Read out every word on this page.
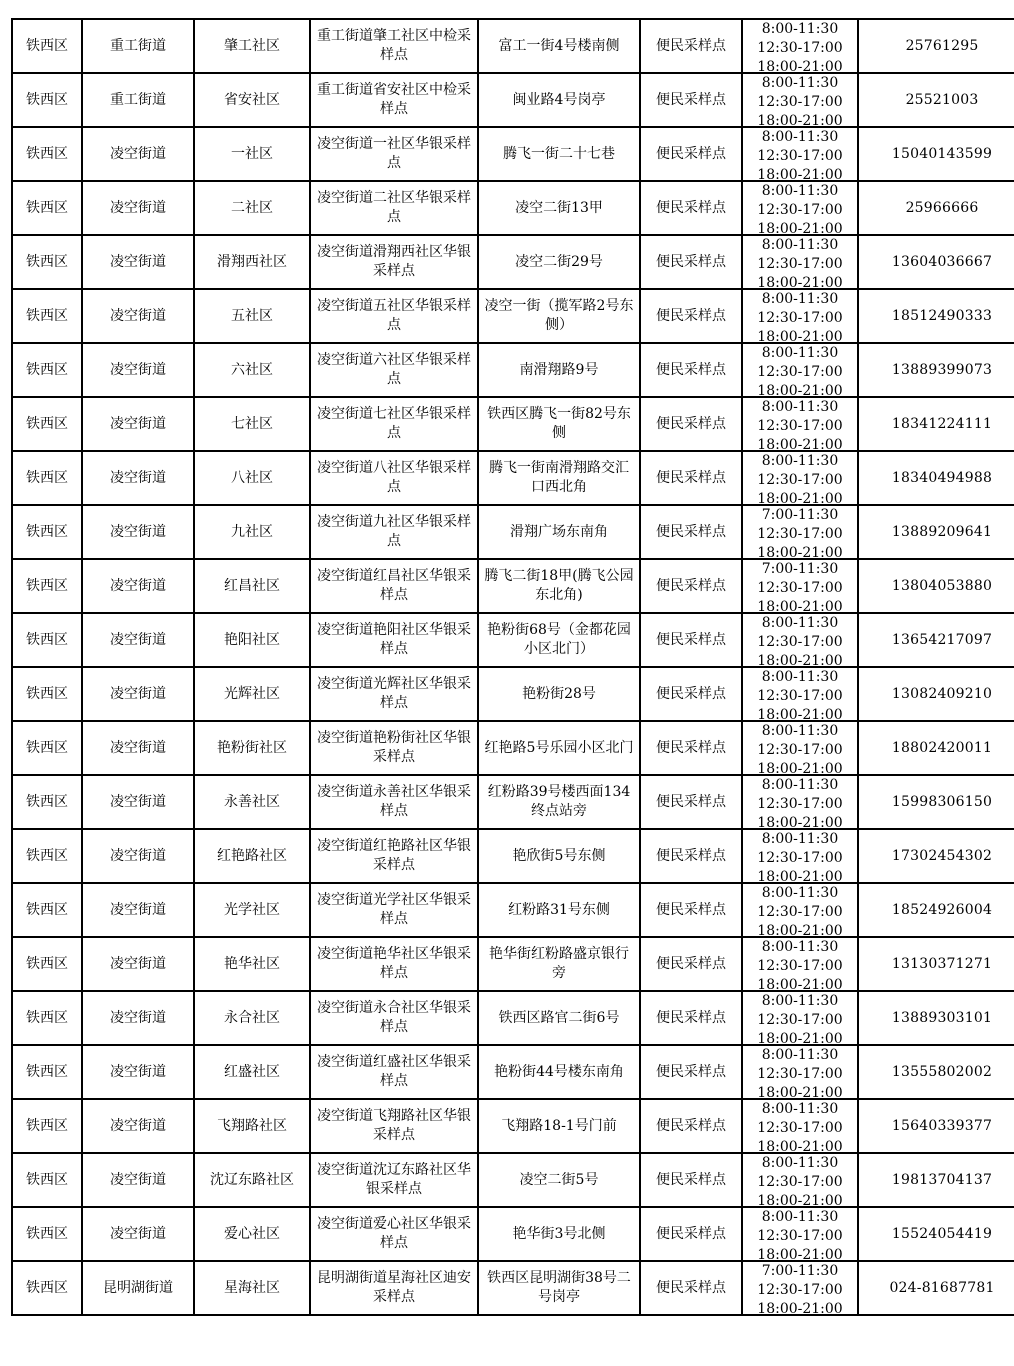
铁西区	重工街道	肇工社区	重工街道肇工社区中检采样点	富工一街4号楼南侧	便民采样点	8:00-11:30
12:30-17:00
18:00-21:00	25761295
铁西区	重工街道	省安社区	重工街道省安社区中检采样点	闽业路4号岗亭	便民采样点	8:00-11:30
12:30-17:00
18:00-21:00	25521003
铁西区	凌空街道	一社区	凌空街道一社区华银采样点	腾飞一街二十七巷	便民采样点	8:00-11:30
12:30-17:00
18:00-21:00	15040143599
铁西区	凌空街道	二社区	凌空街道二社区华银采样点	凌空二街13甲	便民采样点	8:00-11:30
12:30-17:00
18:00-21:00	25966666
铁西区	凌空街道	滑翔西社区	凌空街道滑翔西社区华银采样点	凌空二街29号	便民采样点	8:00-11:30
12:30-17:00
18:00-21:00	13604036667
铁西区	凌空街道	五社区	凌空街道五社区华银采样点	凌空一街（揽军路2号东侧）	便民采样点	8:00-11:30
12:30-17:00
18:00-21:00	18512490333
铁西区	凌空街道	六社区	凌空街道六社区华银采样点	南滑翔路9号	便民采样点	8:00-11:30
12:30-17:00
18:00-21:00	13889399073
铁西区	凌空街道	七社区	凌空街道七社区华银采样点	铁西区腾飞一街82号东侧	便民采样点	8:00-11:30
12:30-17:00
18:00-21:00	18341224111
铁西区	凌空街道	八社区	凌空街道八社区华银采样点	腾飞一街南滑翔路交汇口西北角	便民采样点	8:00-11:30
12:30-17:00
18:00-21:00	18340494988
铁西区	凌空街道	九社区	凌空街道九社区华银采样点	滑翔广场东南角	便民采样点	7:00-11:30
12:30-17:00
18:00-21:00	13889209641
铁西区	凌空街道	红昌社区	凌空街道红昌社区华银采样点	腾飞二街18甲(腾飞公园东北角)	便民采样点	7:00-11:30
12:30-17:00
18:00-21:00	13804053880
铁西区	凌空街道	艳阳社区	凌空街道艳阳社区华银采样点	艳粉街68号（金都花园小区北门）	便民采样点	8:00-11:30
12:30-17:00
18:00-21:00	13654217097
铁西区	凌空街道	光辉社区	凌空街道光辉社区华银采样点	艳粉街28号	便民采样点	8:00-11:30
12:30-17:00
18:00-21:00	13082409210
铁西区	凌空街道	艳粉街社区	凌空街道艳粉街社区华银采样点	红艳路5号乐园小区北门	便民采样点	8:00-11:30
12:30-17:00
18:00-21:00	18802420011
铁西区	凌空街道	永善社区	凌空街道永善社区华银采样点	红粉路39号楼西面134终点站旁	便民采样点	8:00-11:30
12:30-17:00
18:00-21:00	15998306150
铁西区	凌空街道	红艳路社区	凌空街道红艳路社区华银采样点	艳欣街5号东侧	便民采样点	8:00-11:30
12:30-17:00
18:00-21:00	17302454302
铁西区	凌空街道	光学社区	凌空街道光学社区华银采样点	红粉路31号东侧	便民采样点	8:00-11:30
12:30-17:00
18:00-21:00	18524926004
铁西区	凌空街道	艳华社区	凌空街道艳华社区华银采样点	艳华街红粉路盛京银行旁	便民采样点	8:00-11:30
12:30-17:00
18:00-21:00	13130371271
铁西区	凌空街道	永合社区	凌空街道永合社区华银采样点	铁西区路官二街6号	便民采样点	8:00-11:30
12:30-17:00
18:00-21:00	13889303101
铁西区	凌空街道	红盛社区	凌空街道红盛社区华银采样点	艳粉街44号楼东南角	便民采样点	8:00-11:30
12:30-17:00
18:00-21:00	13555802002
铁西区	凌空街道	飞翔路社区	凌空街道飞翔路社区华银采样点	飞翔路18-1号门前	便民采样点	8:00-11:30
12:30-17:00
18:00-21:00	15640339377
铁西区	凌空街道	沈辽东路社区	凌空街道沈辽东路社区华银采样点	凌空二街5号	便民采样点	8:00-11:30
12:30-17:00
18:00-21:00	19813704137
铁西区	凌空街道	爱心社区	凌空街道爱心社区华银采样点	艳华街3号北侧	便民采样点	8:00-11:30
12:30-17:00
18:00-21:00	15524054419
铁西区	昆明湖街道	星海社区	昆明湖街道星海社区迪安采样点	铁西区昆明湖街38号二号岗亭	便民采样点	7:00-11:30
12:30-17:00
18:00-21:00	024-81687781
